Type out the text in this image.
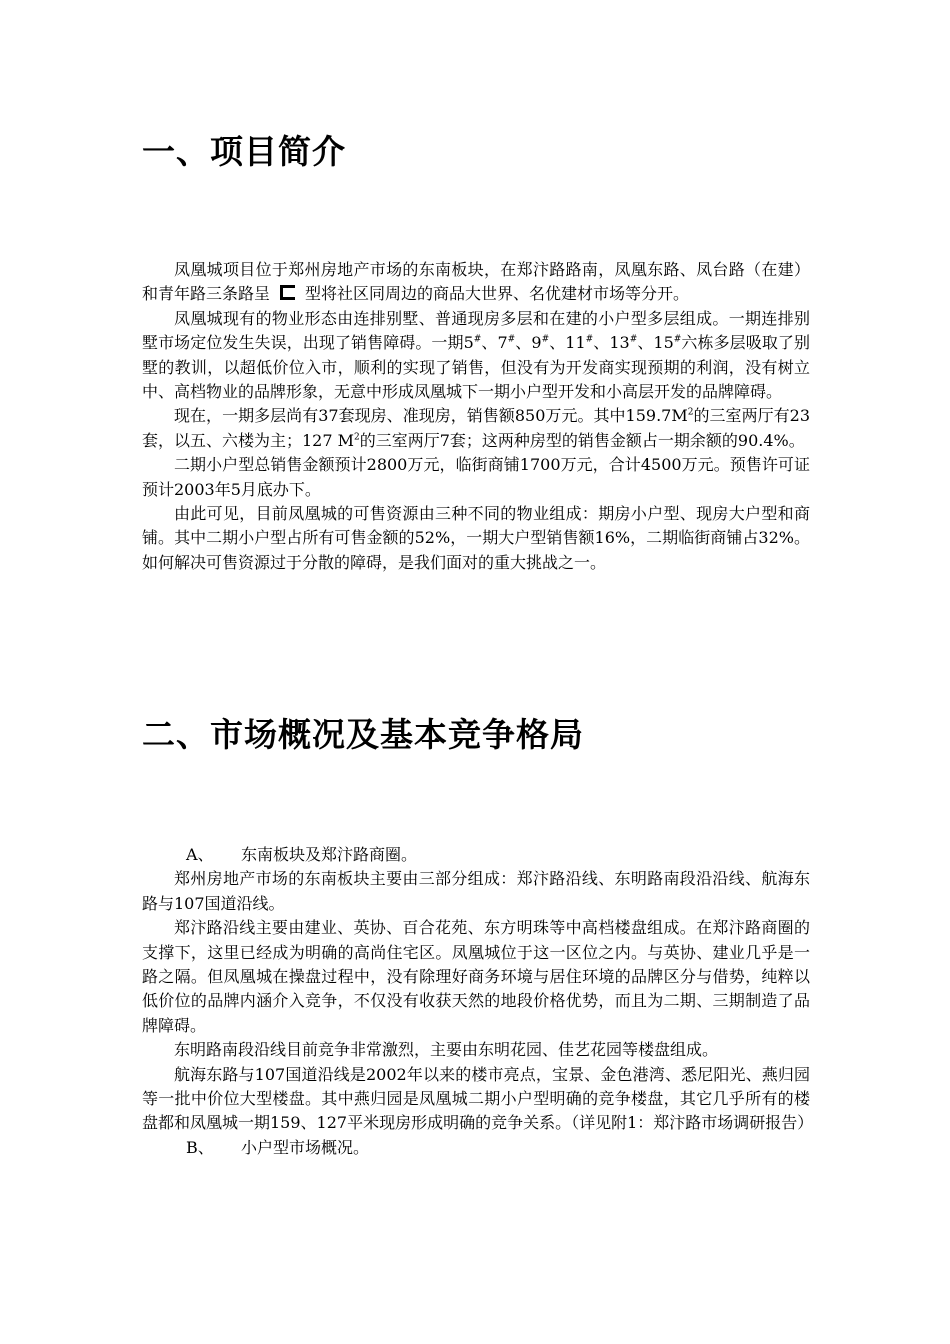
一、项目简介

凤凰城项目位于郑州房地产市场的东南板块，在郑汴路路南，凤凰东路、凤台路（在建）和青年路三条路呈 型将社区同周边的商品大世界、名优建材市场等分开。

凤凰城现有的物业形态由连排别墅、普通现房多层和在建的小户型多层组成。一期连排别墅市场定位发生失误，出现了销售障碍。一期5#、7#、9#、11#、13#、15#六栋多层吸取了别墅的教训，以超低价位入市，顺利的实现了销售，但没有为开发商实现预期的利润，没有树立中、高档物业的品牌形象，无意中形成凤凰城下一期小户型开发和小高层开发的品牌障碍。

现在，一期多层尚有37套现房、准现房，销售额850万元。其中$159.7M^2$的三室两厅有23套，以五、六楼为主；127 $M^2$的三室两厅7套；这两种房型的销售金额占一期余额的90.4%。

二期小户型总销售金额预计2800万元，临街商铺1700万元，合计4500万元。预售许可证预计2003年5月底办下。

由此可见，目前凤凰城的可售资源由三种不同的物业组成：期房小户型、现房大户型和商铺。其中二期小户型占所有可售金额的52%，一期大户型销售额16%，二期临街商铺占32%。如何解决可售资源过于分散的障碍，是我们面对的重大挑战之一。

二、市场概况及基本竞争格局

A、 东南板块及郑汴路商圈。

郑州房地产市场的东南板块主要由三部分组成：郑汴路沿线、东明路南段沿沿线、航海东路与107国道沿线。

郑汴路沿线主要由建业、英协、百合花苑、东方明珠等中高档楼盘组成。在郑汴路商圈的支撑下，这里已经成为明确的高尚住宅区。凤凰城位于这一区位之内。与英协、建业几乎是一路之隔。但凤凰城在操盘过程中，没有除理好商务环境与居住环境的品牌区分与借势，纯粹以低价位的品牌内涵介入竞争，不仅没有收获天然的地段价格优势，而且为二期、三期制造了品牌障碍。

东明路南段沿线目前竞争非常激烈，主要由东明花园、佳艺花园等楼盘组成。

航海东路与107国道沿线是2002年以来的楼市亮点，宝景、金色港湾、悉尼阳光、燕归园等一批中价位大型楼盘。其中燕归园是凤凰城二期小户型明确的竞争楼盘，其它几乎所有的楼盘都和凤凰城一期159、127平米现房形成明确的竞争关系。（详见附1：郑汴路市场调研报告）

B、 小户型市场概况。
